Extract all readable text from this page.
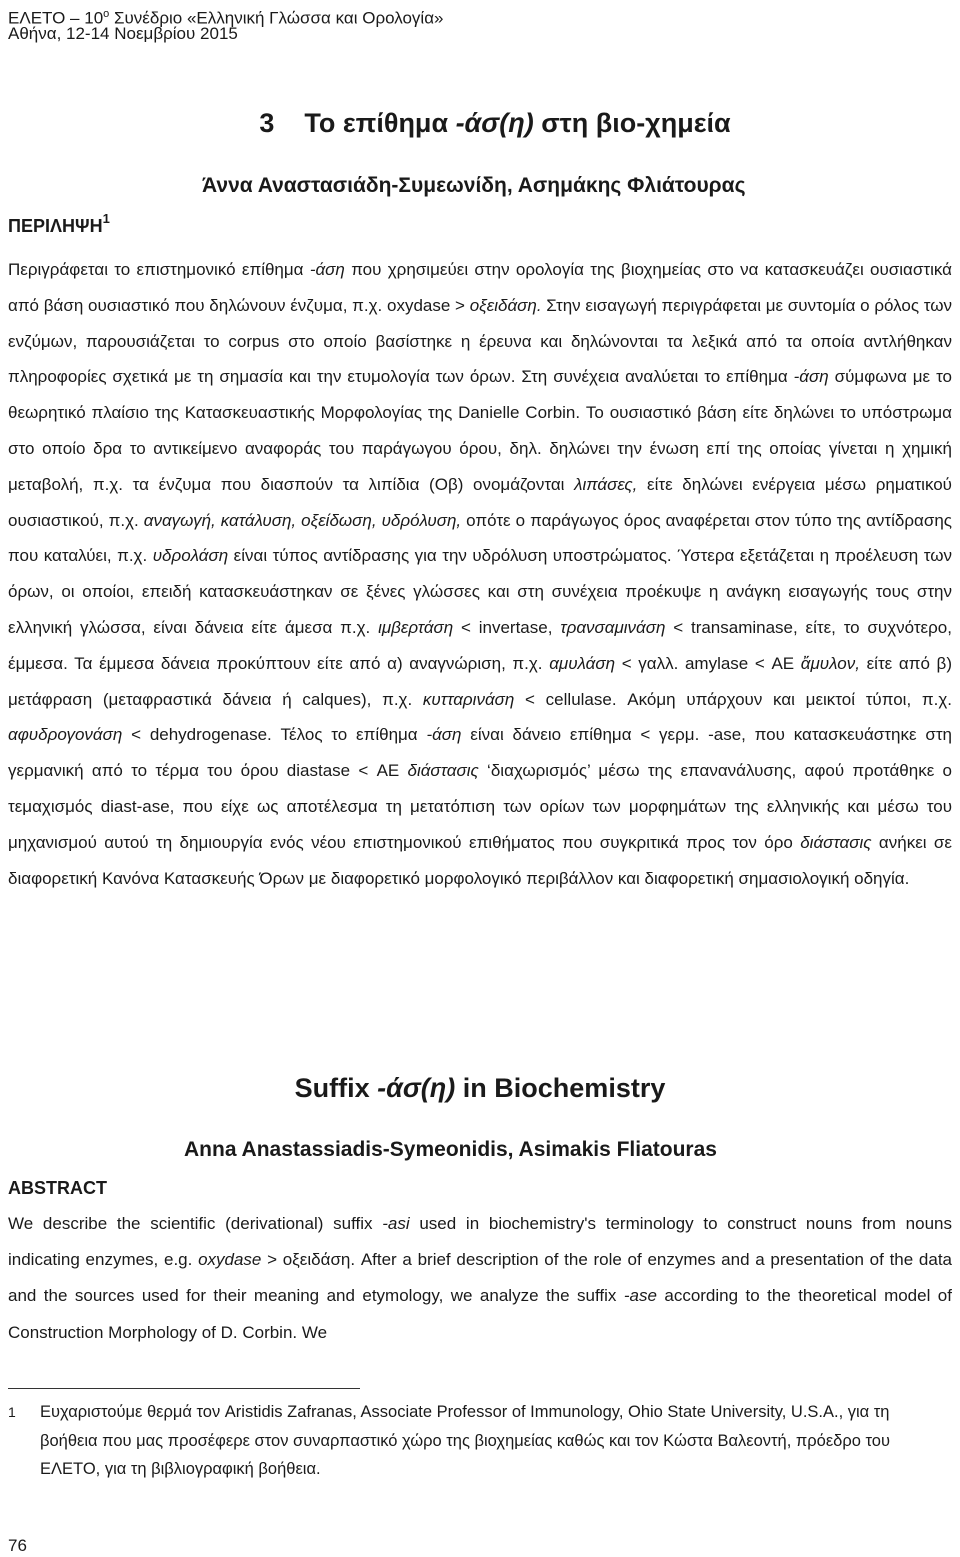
ΕΛΕΤΟ – $10^o$ Συνέδριο «Ελληνική Γλώσσα και Ορολογία»
Αθήνα, 12-14 Νοεμβρίου 2015
3 Το επίθημα -άσ(η) στη βιο-χημεία
Άννα Αναστασιάδη-Συμεωνίδη, Ασημάκης Φλιάτουρας
ΠΕΡΙΛΗΨΗ$^1$
Περιγράφεται το επιστημονικό επίθημα -άση που χρησιμεύει στην ορολογία της βιοχημείας στο να κατασκευάζει ουσιαστικά από βάση ουσιαστικό που δηλώνουν ένζυμα, π.χ. oxydase > οξειδάση. Στην εισαγωγή περιγράφεται με συντομία ο ρόλος των ενζύμων, παρουσιάζεται το corpus στο οποίο βασίστηκε η έρευνα και δηλώνονται τα λεξικά από τα οποία αντλήθηκαν πληροφορίες σχετικά με τη σημασία και την ετυμολογία των όρων. Στη συνέχεια αναλύεται το επίθημα -άση σύμφωνα με το θεωρητικό πλαίσιο της Κατασκευαστικής Μορφολογίας της Danielle Corbin. Το ουσιαστικό βάση είτε δηλώνει το υπόστρωμα στο οποίο δρα το αντικείμενο αναφοράς του παράγωγου όρου, δηλ. δηλώνει την ένωση επί της οποίας γίνεται η χημική μεταβολή, π.χ. τα ένζυμα που διασπούν τα λιπίδια (Οβ) ονομάζονται λιπάσες, είτε δηλώνει ενέργεια μέσω ρηματικού ουσιαστικού, π.χ. αναγωγή, κατάλυση, οξείδωση, υδρόλυση, οπότε ο παράγωγος όρος αναφέρεται στον τύπο της αντίδρασης που καταλύει, π.χ. υδρολάση είναι τύπος αντίδρασης για την υδρόλυση υποστρώματος. Ύστερα εξετάζεται η προέλευση των όρων, οι οποίοι, επειδή κατασκευάστηκαν σε ξένες γλώσσες και στη συνέχεια προέκυψε η ανάγκη εισαγωγής τους στην ελληνική γλώσσα, είναι δάνεια είτε άμεσα π.χ. ιμβερτάση < invertase, τρανσαμινάση < transaminase, είτε, το συχνότερο, έμμεσα. Τα έμμεσα δάνεια προκύπτουν είτε από α) αναγνώριση, π.χ. αμυλάση < γαλλ. amylase < ΑΕ ἄμυλον, είτε από β) μετάφραση (μεταφραστικά δάνεια ή calques), π.χ. κυτταρινάση < cellulase. Ακόμη υπάρχουν και μεικτοί τύποι, π.χ. αφυδρογονάση < dehydrogenase. Τέλος το επίθημα -άση είναι δάνειο επίθημα < γερμ. -ase, που κατασκευάστηκε στη γερμανική από το τέρμα του όρου diastase < ΑΕ διάστασις ‘διαχωρισμός’ μέσω της επανανάλυσης, αφού προτάθηκε ο τεμαχισμός diast-ase, που είχε ως αποτέλεσμα τη μετατόπιση των ορίων των μορφημάτων της ελληνικής και μέσω του μηχανισμού αυτού τη δημιουργία ενός νέου επιστημονικού επιθήματος που συγκριτικά προς τον όρο διάστασις ανήκει σε διαφορετική Κανόνα Κατασκευής Όρων με διαφορετικό μορφολογικό περιβάλλον και διαφορετική σημασιολογική οδηγία.
Suffix -άσ(η) in Biochemistry
Anna Anastassiadis-Symeonidis, Asimakis Fliatouras
ABSTRACT
We describe the scientific (derivational) suffix -asi used in biochemistry's terminology to construct nouns from nouns indicating enzymes, e.g. oxydase > οξειδάση. After a brief description of the role of enzymes and a presentation of the data and the sources used for their meaning and etymology, we analyze the suffix -ase according to the theoretical model of Construction Morphology of D. Corbin. We
1 Ευχαριστούμε θερμά τον Aristidis Zafranas, Associate Professor of Immunology, Ohio State University, U.S.A., για τη βοήθεια που μας προσέφερε στον συναρπαστικό χώρο της βιοχημείας καθώς και τον Κώστα Βαλεοντή, πρόεδρο του ΕΛΕΤΟ, για τη βιβλιογραφική βοήθεια.
76
